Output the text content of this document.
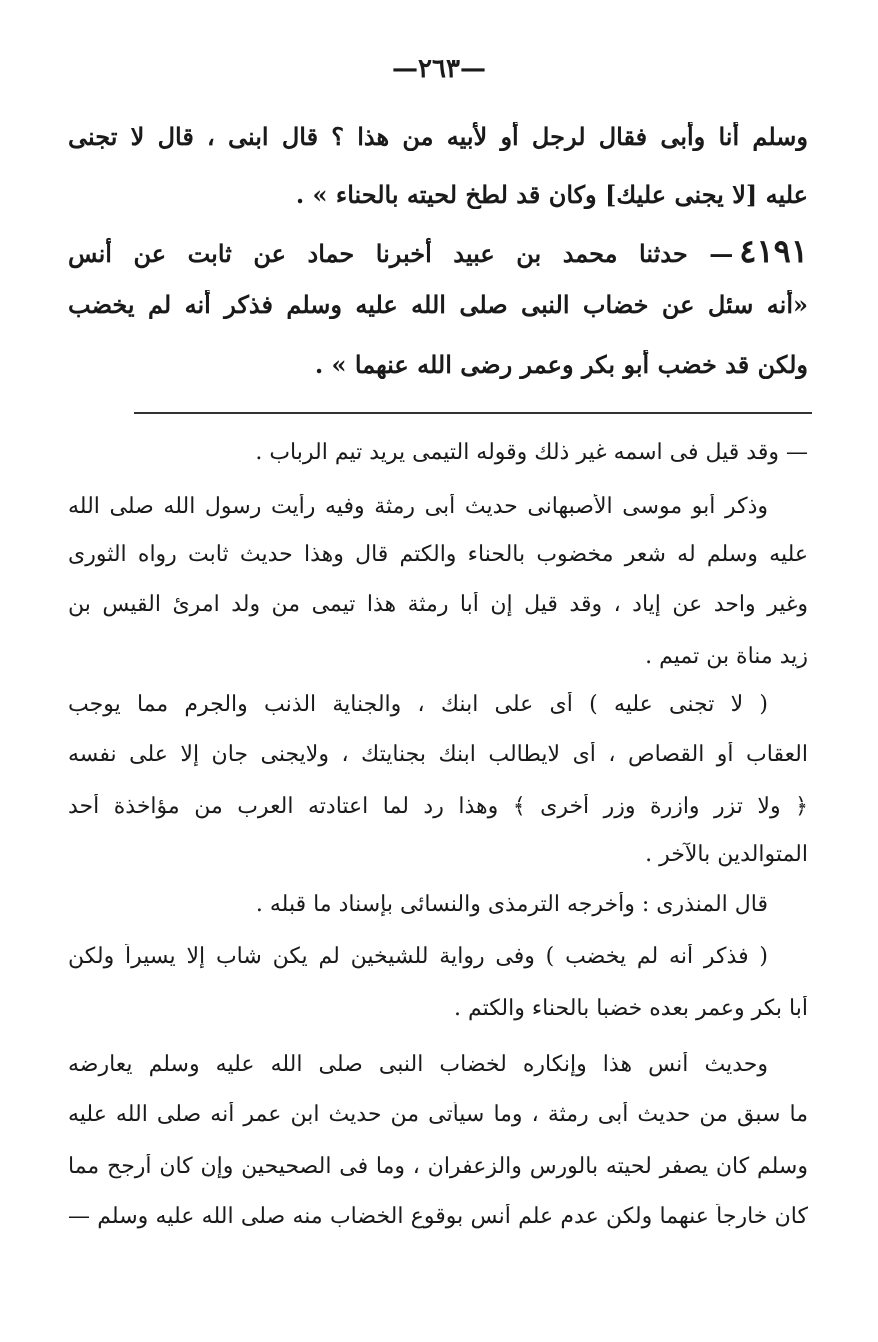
—٢٦٣—
وسلم أنا وأبى فقال لرجل أو لأبيه من هذا ؟ قال ابنى ، قال لا تجنى
عليه [لا يجنى عليك] وكان قد لطخ لحيته بالحناء » .
٤١٩١— حدثنا محمد بن عبيد أخبرنا حماد عن ثابت عن أنس
«أنه سئل عن خضاب النبى صلى الله عليه وسلم فذكر أنه لم يخضب
ولكن قد خضب أبو بكر وعمر رضى الله عنهما » .
— وقد قيل فى اسمه غير ذلك وقوله التيمى يريد تيم الرباب .
وذكر أبو موسى الأصبهانى حديث أبى رمثة وفيه رأيت رسول الله صلى الله
عليه وسلم له شعر مخضوب بالحناء والكتم قال وهذا حديث ثابت رواه الثورى
وغير واحد عن إياد ، وقد قيل إن أبا رمثة هذا تيمى من ولد امرئ القيس بن
زيد مناة بن تميم .
( لا تجنى عليه ) أى على ابنك ، والجناية الذنب والجرم مما يوجب
العقاب أو القصاص ، أى لايطالب ابنك بجنايتك ، ولايجنى جان إلا على نفسه
﴿ ولا تزر وازرة وزر أخرى ﴾ وهذا رد لما اعتادته العرب من مؤاخذة أحد
المتوالدين بالآخر .
قال المنذرى : وأخرجه الترمذى والنسائى بإسناد ما قبله .
( فذكر أنه لم يخضب ) وفى رواية للشيخين لم يكن شاب إلا يسيراً ولكن
أبا بكر وعمر بعده خضبا بالحناء والكتم .
وحديث أنس هذا وإنكاره لخضاب النبى صلى الله عليه وسلم يعارضه
ما سبق من حديث أبى رمثة ، وما سيأتى من حديث ابن عمر أنه صلى الله عليه
وسلم كان يصفر لحيته بالورس والزعفران ، وما فى الصحيحين وإن كان أرجح مما
كان خارجاً عنهما ولكن عدم علم أنس بوقوع الخضاب منه صلى الله عليه وسلم —
